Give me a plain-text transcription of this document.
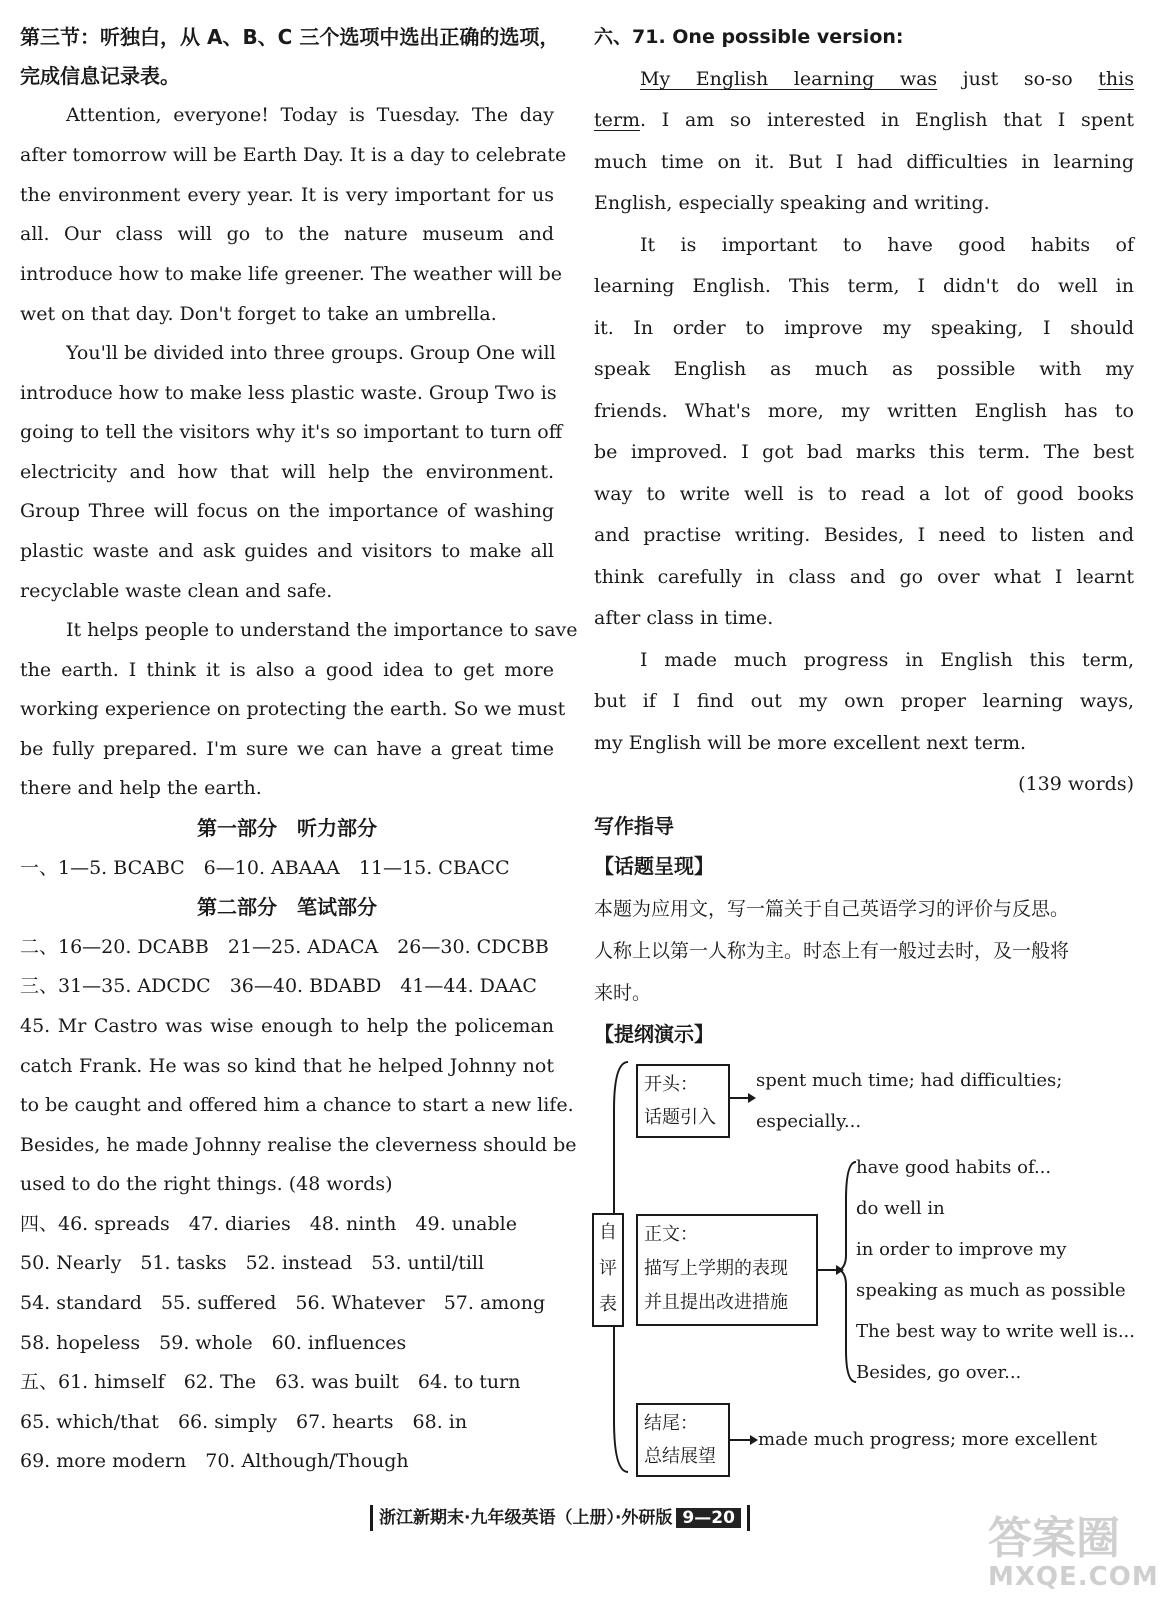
第三节：听独白，从 A、B、C 三个选项中选出正确的选项，
完成信息记录表。
Attention, everyone! Today is Tuesday. The day
after tomorrow will be Earth Day. It is a day to celebrate
the environment every year. It is very important for us
all. Our class will go to the nature museum and
introduce how to make life greener. The weather will be
wet on that day. Don't forget to take an umbrella.
You'll be divided into three groups. Group One will
introduce how to make less plastic waste. Group Two is
going to tell the visitors why it's so important to turn off
electricity and how that will help the environment.
Group Three will focus on the importance of washing
plastic waste and ask guides and visitors to make all
recyclable waste clean and safe.
It helps people to understand the importance to save
the earth. I think it is also a good idea to get more
working experience on protecting the earth. So we must
be fully prepared. I'm sure we can have a great time
there and help the earth.
第一部分　听力部分
一、1—5. BCABC　6—10. ABAAA　11—15. CBACC
第二部分　笔试部分
二、16—20. DCABB　21—25. ADACA　26—30. CDCBB
三、31—35. ADCDC　36—40. BDABD　41—44. DAAC
45. Mr Castro was wise enough to help the policeman
catch Frank. He was so kind that he helped Johnny not
to be caught and offered him a chance to start a new life.
Besides, he made Johnny realise the cleverness should be
used to do the right things. (48 words)
四、46. spreads　47. diaries　48. ninth　49. unable
50. Nearly　51. tasks　52. instead　53. until/till
54. standard　55. suffered　56. Whatever　57. among
58. hopeless　59. whole　60. influences
五、61. himself　62. The　63. was built　64. to turn
65. which/that　66. simply　67. hearts　68. in
69. more modern　70. Although/Though
六、71. One possible version:
My English learning was just so-so this
term. I am so interested in English that I spent
much time on it. But I had difficulties in learning
English, especially speaking and writing.
It is important to have good habits of
learning English. This term, I didn't do well in
it. In order to improve my speaking, I should
speak English as much as possible with my
friends. What's more, my written English has to
be improved. I got bad marks this term. The best
way to write well is to read a lot of good books
and practise writing. Besides, I need to listen and
think carefully in class and go over what I learnt
after class in time.
I made much progress in English this term,
but if I find out my own proper learning ways,
my English will be more excellent next term.
(139 words)
写作指导
【话题呈现】
本题为应用文，写一篇关于自己英语学习的评价与反思。
人称上以第一人称为主。时态上有一般过去时，及一般将
来时。
【提纲演示】
自
评
表
开头：
话题引入
spent much time; had difficulties;
especially...
正文：
描写上学期的表现
并且提出改进措施
have good habits of...
do well in
in order to improve my
speaking as much as possible
The best way to write well is...
Besides, go over...
结尾：
总结展望
made much progress; more excellent
浙江新期末·九年级英语（上册）·外研版 9—20	答案圈
MXQE.COM
